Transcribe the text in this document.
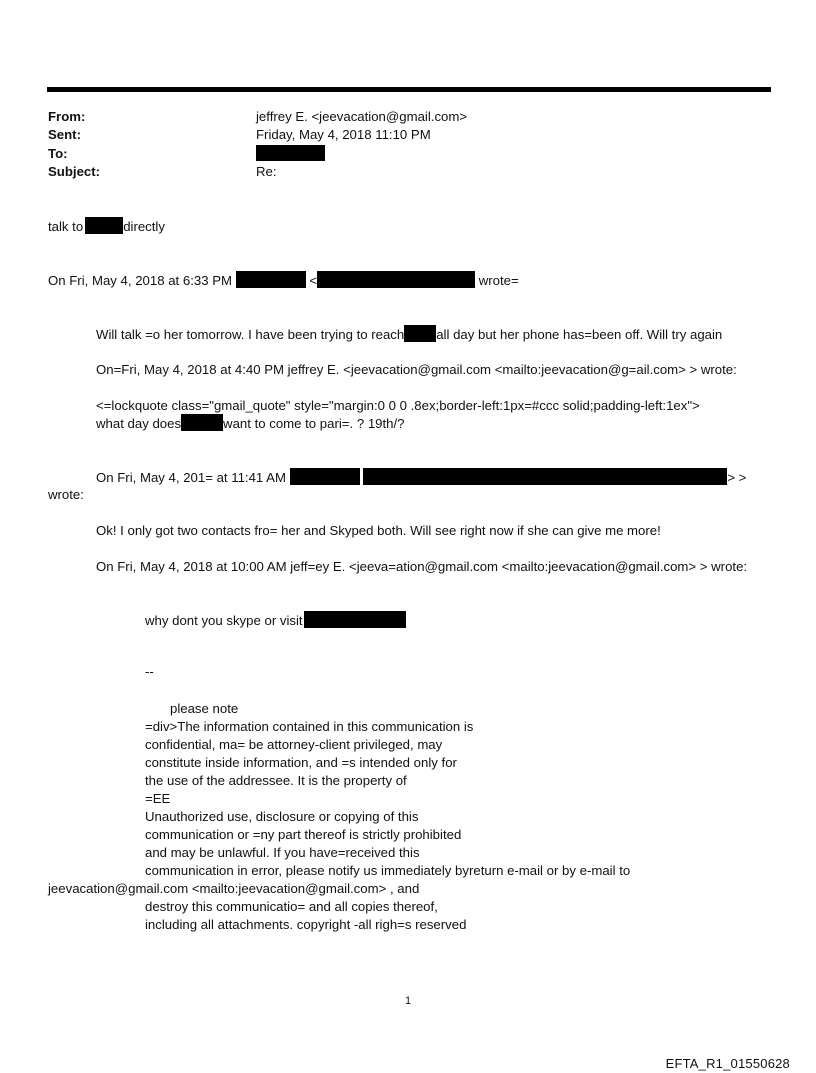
From:	jeffrey E. <jeevacation@gmail.com>
Sent:	Friday, May 4, 2018 11:10 PM
To:
Subject:	Re:
talk to	directly
On Fri, May 4, 2018 at 6:33 PM	<	wrote=
Will talk =o her tomorrow. I have been trying to reach all day but her phone has=been off. Will try again
On=Fri, May 4, 2018 at 4:40 PM jeffrey E. <jeevacation@gmail.com <mailto:jeevacation@g=ail.com> > wrote:
<=lockquote class="gmail_quote" style="margin:0 0 0 .8ex;border-left:1px=#ccc solid;padding-left:1ex">
what day does	want to come to pari=. ? 19th/?
On Fri, May 4, 201= at 11:41 AM	> >
wrote:
Ok! I only got two contacts fro= her and Skyped both. Will see right now if she can give me more!
On Fri, May 4, 2018 at 10:00 AM jeff=ey E. <jeeva=ation@gmail.com <mailto:jeevacation@gmail.com> > wrote:
why dont you skype or visit
--
please note
=div>The information contained in this communication is
confidential, ma= be attorney-client privileged, may
constitute inside information, and =s intended only for
the use of the addressee. It is the property of
=EE
Unauthorized use, disclosure or copying of this
communication or =ny part thereof is strictly prohibited
and may be unlawful. If you have=received this
communication in error, please notify us immediately byreturn e-mail or by e-mail to
jeevacation@gmail.com <mailto:jeevacation@gmail.com> , and
destroy this communicatio= and all copies thereof,
including all attachments. copyright -all righ=s reserved
1
EFTA_R1_01550628
